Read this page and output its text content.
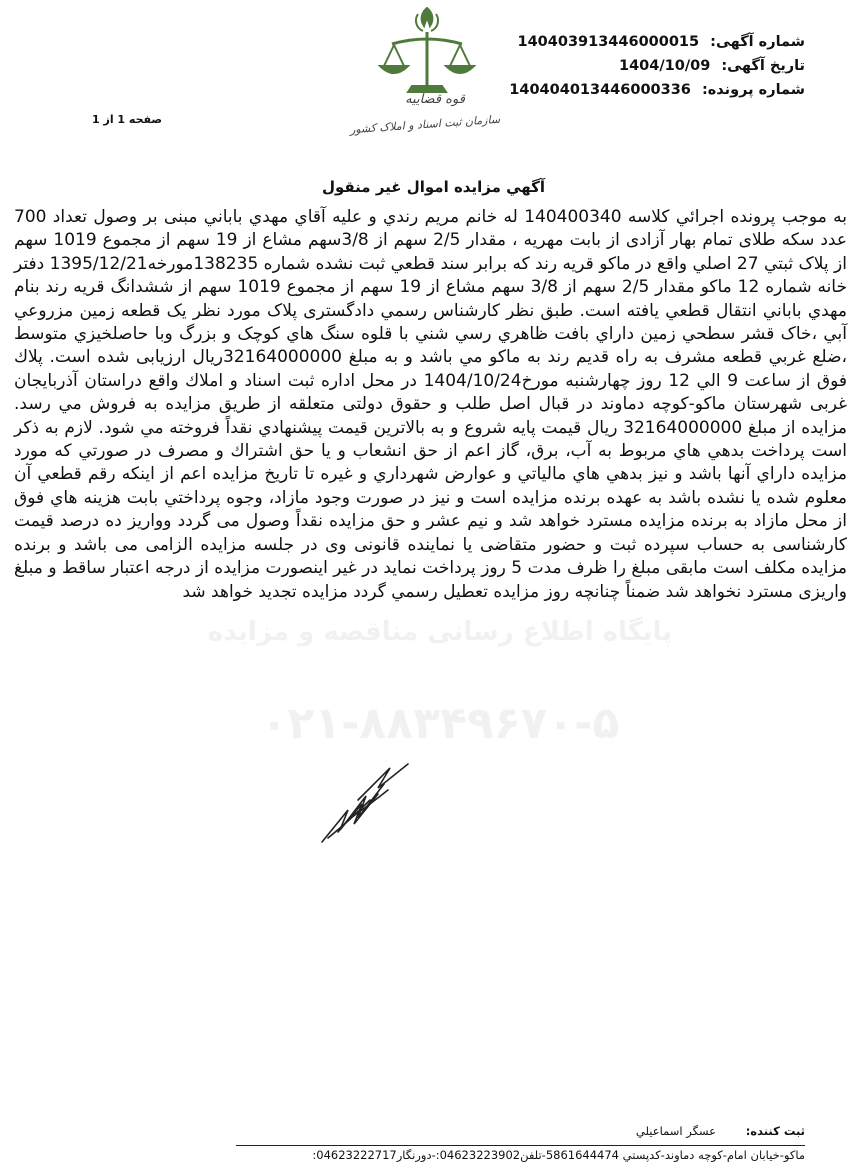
قوه قضاییه
سازمان ثبت اسناد و املاک کشور
شماره آگهی: 140403913446000015
تاریخ آگهی: 1404/10/09
شماره پرونده: 140404013446000336
صفحه 1 از 1
پایگاه اطلاع رسانی مناقصه و مزایده
۰۲۱-۸۸۳۴۹۶۷۰-۵
آگهي مزايده اموال غير منقول
به موجب پرونده اجرائي كلاسه 140400340 له خانم مريم رندي و عليه آقاي مهدي باباني مبنی بر وصول تعداد 700 عدد سکه طلای تمام بهار آزادی از بابت مهریه ، مقدار 2/5 سهم از 3/8سهم مشاع از 19 سهم از مجموع 1019 سهم از پلاک ثبتي 27 اصلي واقع در ماكو قريه رند كه برابر سند قطعي ثبت نشده شماره 138235مورخه1395/12/21 دفتر خانه شماره 12 ماكو مقدار 2/5 سهم از 3/8 سهم مشاع از 19 سهم از مجموع 1019 سهم از ششدانگ قريه رند بنام مهدي باباني انتقال قطعي يافته است. طبق نظر كارشناس رسمي دادگستری پلاک مورد نظر يک قطعه زمين مزروعي آبي ،خاک قشر سطحي زمين داراي بافت ظاهري رسي شني با قلوه سنگ هاي كوچک و بزرگ وبا حاصلخيزي متوسط ،ضلع غربي قطعه مشرف به راه قديم رند به ماكو مي باشد و به مبلغ 32164000000ريال ارزيابی شده است. پلاك فوق از ساعت 9 الي 12 روز چهارشنبه مورخ1404/10/24 در محل اداره ثبت اسناد و املاك واقع دراستان آذربایجان غربی شهرستان ماكو-كوچه دماوند در قبال اصل طلب و حقوق دولتی متعلقه از طريق مزايده به فروش مي رسد. مزايده از مبلغ 32164000000 ريال قيمت پايه شروع و به بالاترين قيمت پيشنهادي نقداً فروخته مي شود. لازم به ذكر است پرداخت بدهي هاي مربوط به آب، برق، گاز اعم از حق انشعاب و يا حق اشتراك و مصرف در صورتي كه مورد مزايده داراي آنها باشد و نيز بدهي هاي مالياتي و عوارض شهرداري و غيره تا تاريخ مزايده اعم از اينكه رقم قطعي آن معلوم شده يا نشده باشد به عهده برنده مزايده است و نيز در صورت وجود مازاد، وجوه پرداختي بابت هزينه هاي فوق از محل مازاد به برنده مزايده مسترد خواهد شد و نیم عشر و حق مزایده نقداً وصول می گردد وواریز ده درصد قیمت کارشناسی به حساب سپرده ثبت و حضور متقاضی یا نماینده قانونی وی در جلسه مزایده الزامی می باشد و برنده مزایده مکلف است مابقی مبلغ را ظرف مدت 5 روز پرداخت نماید در غیر اینصورت مزایده از درجه اعتبار ساقط و مبلغ واریزی مسترد نخواهد شد ضمناً چنانچه روز مزايده تعطيل رسمي گردد مزايده تجديد خواهد شد
ثبت كننده: عسگر اسماعيلي
ماکو-خیابان امام-کوچه دماوند-کدپستي 5861644474-تلفن04623223902:-دورنگار04623222717:
